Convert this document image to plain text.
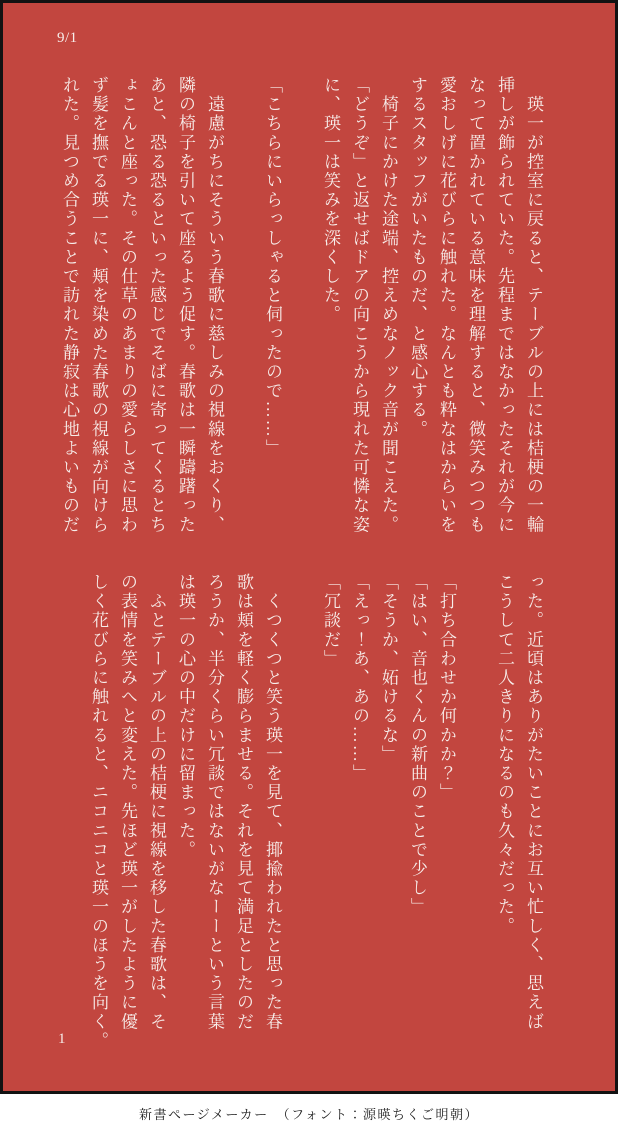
9/1
　瑛一が控室に戻ると、テーブルの上には桔梗の一輪
挿しが飾られていた。先程まではなかったそれが今に
なって置かれている意味を理解すると、微笑みつつも
愛おしげに花びらに触れた。なんとも粋なはからいを
するスタッフがいたものだ、と感心する。
　椅子にかけた途端、控えめなノック音が聞こえた。
「どうぞ」と返せばドアの向こうから現れた可憐な姿
に、瑛一は笑みを深くした。

「こちらにいらっしゃると伺ったので……」

　遠慮がちにそういう春歌に慈しみの視線をおくり、
隣の椅子を引いて座るよう促す。春歌は一瞬躊躇った
あと、恐る恐るといった感じでそばに寄ってくるとち
ょこんと座った。その仕草のあまりの愛らしさに思わ
ず髪を撫でる瑛一に、頬を染めた春歌の視線が向けら
れた。見つめ合うことで訪れた静寂は心地よいものだ
った。近頃はありがたいことにお互い忙しく、思えば
こうして二人きりになるのも久々だった。

「打ち合わせか何かか？」
「はい、音也くんの新曲のことで少し」
「そうか、妬けるな」
「えっ！あ、あの……」
「冗談だ」

　くつくつと笑う瑛一を見て、揶揄われたと思った春
歌は頬を軽く膨らませる。それを見て満足としたのだ
ろうか、半分くらい冗談ではないがなーーという言葉
は瑛一の心の中だけに留まった。
　ふとテーブルの上の桔梗に視線を移した春歌は、そ
の表情を笑みへと変えた。先ほど瑛一がしたように優
しく花びらに触れると、ニコニコと瑛一のほうを向く。
1
新書ページメーカー　（フォント：源暎ちくご明朝）
